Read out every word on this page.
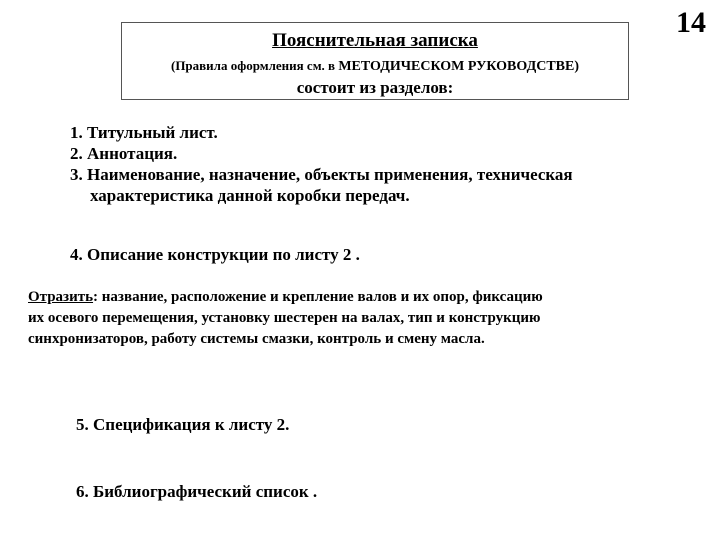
14
Пояснительная записка
(Правила оформления см. в МЕТОДИЧЕСКОМ РУКОВОДСТВЕ)
состоит из разделов:
1. Титульный лист.
2. Аннотация.
3. Наименование, назначение, объекты применения, техническая
характеристика данной коробки передач.
4. Описание конструкции по листу 2 .
Отразить: название, расположение и крепление валов и их опор, фиксацию
их осевого перемещения, установку шестерен на валах, тип и конструкцию
синхронизаторов, работу системы смазки, контроль и смену масла.
5. Спецификация к листу 2.
6. Библиографический список .
